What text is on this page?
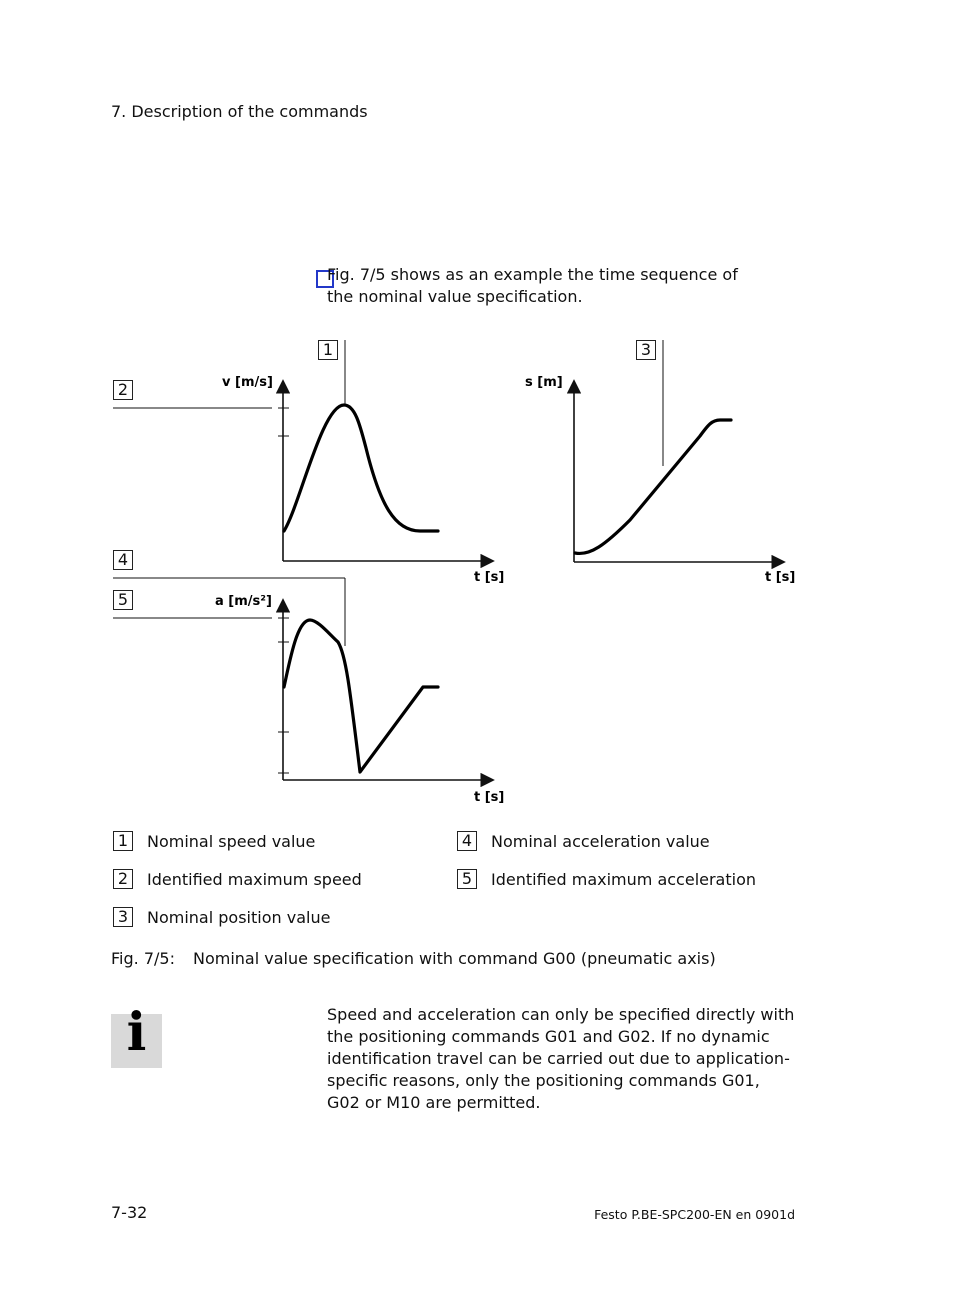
7. Description of the commands
Fig. 7/5 shows as an example the time sequence of the nominal value specification.
v [m/s]
t [s]
s [m]
t [s]
a [m/s²]
t [s]
1	3
2
4
5
1	Nominal speed value
2	Identified maximum speed
3	Nominal position value
4	Nominal acceleration value
5	Identified maximum acceleration
Fig. 7/5: Nominal value specification with command G00 (pneumatic axis)
i	Speed and acceleration can only be specified directly with the positioning commands G01 and G02. If no dynamic identification travel can be carried out due to application-specific reasons, only the positioning commands G01, G02 or M10 are permitted.
7-32	Festo P.BE-SPC200-EN en 0901d
